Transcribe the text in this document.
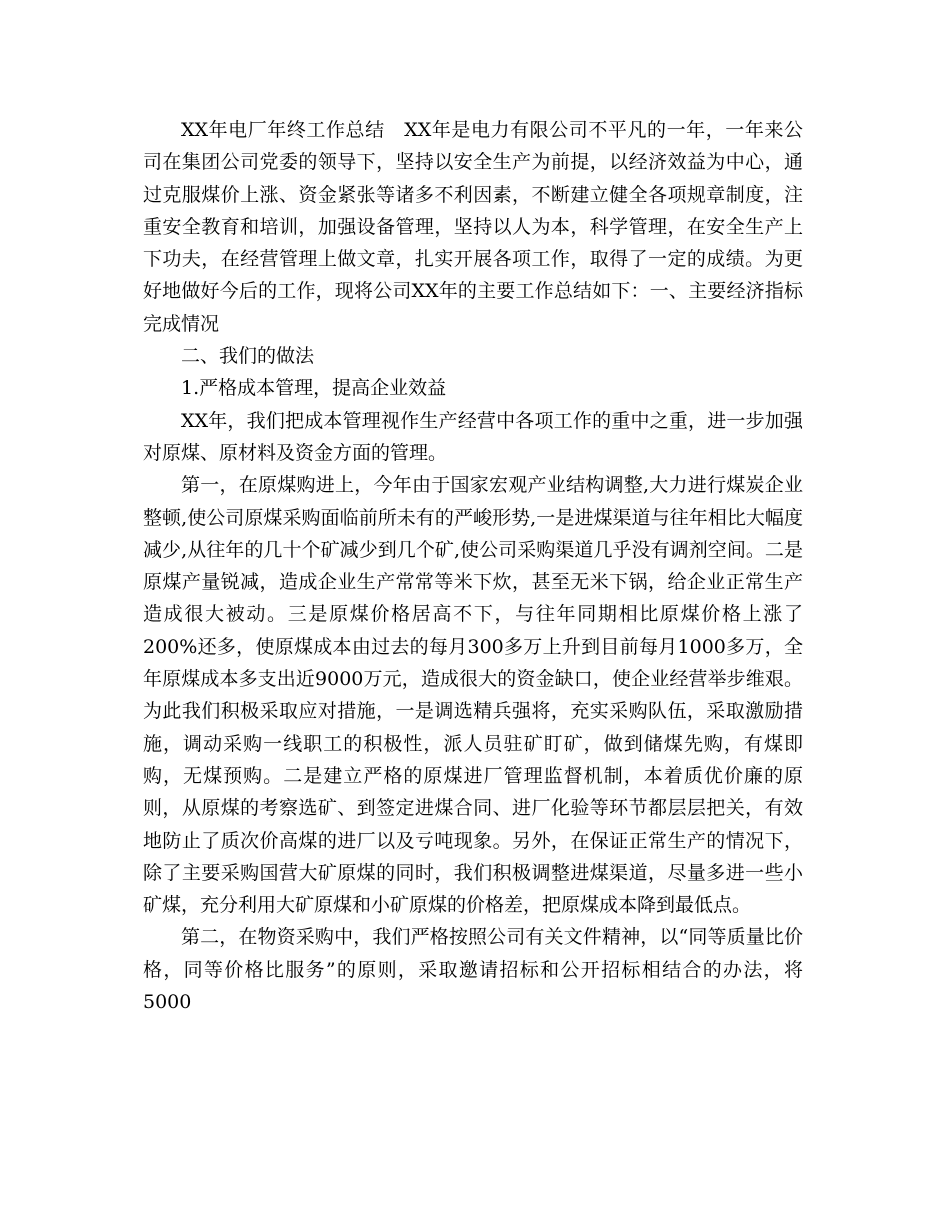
XX年电厂年终工作总结　XX年是电力有限公司不平凡的一年，一年来公司在集团公司党委的领导下，坚持以安全生产为前提，以经济效益为中心，通过克服煤价上涨、资金紧张等诸多不利因素，不断建立健全各项规章制度，注重安全教育和培训，加强设备管理，坚持以人为本，科学管理，在安全生产上下功夫，在经营管理上做文章，扎实开展各项工作，取得了一定的成绩。为更好地做好今后的工作，现将公司XX年的主要工作总结如下：一、主要经济指标完成情况

二、我们的做法

1.严格成本管理，提高企业效益

XX年，我们把成本管理视作生产经营中各项工作的重中之重，进一步加强对原煤、原材料及资金方面的管理。

第一，在原煤购进上，今年由于国家宏观产业结构调整,大力进行煤炭企业整顿,使公司原煤采购面临前所未有的严峻形势,一是进煤渠道与往年相比大幅度减少,从往年的几十个矿减少到几个矿,使公司采购渠道几乎没有调剂空间。二是原煤产量锐减，造成企业生产常常等米下炊，甚至无米下锅，给企业正常生产造成很大被动。三是原煤价格居高不下，与往年同期相比原煤价格上涨了200%还多，使原煤成本由过去的每月300多万上升到目前每月1000多万，全年原煤成本多支出近9000万元，造成很大的资金缺口，使企业经营举步维艰。为此我们积极采取应对措施，一是调选精兵强将，充实采购队伍，采取激励措施，调动采购一线职工的积极性，派人员驻矿盯矿，做到储煤先购，有煤即购，无煤预购。二是建立严格的原煤进厂管理监督机制，本着质优价廉的原则，从原煤的考察选矿、到签定进煤合同、进厂化验等环节都层层把关，有效地防止了质次价高煤的进厂以及亏吨现象。另外，在保证正常生产的情况下，除了主要采购国营大矿原煤的同时，我们积极调整进煤渠道，尽量多进一些小矿煤，充分利用大矿原煤和小矿原煤的价格差，把原煤成本降到最低点。

第二，在物资采购中，我们严格按照公司有关文件精神，以“同等质量比价格，同等价格比服务”的原则，采取邀请招标和公开招标相结合的办法，将5000
